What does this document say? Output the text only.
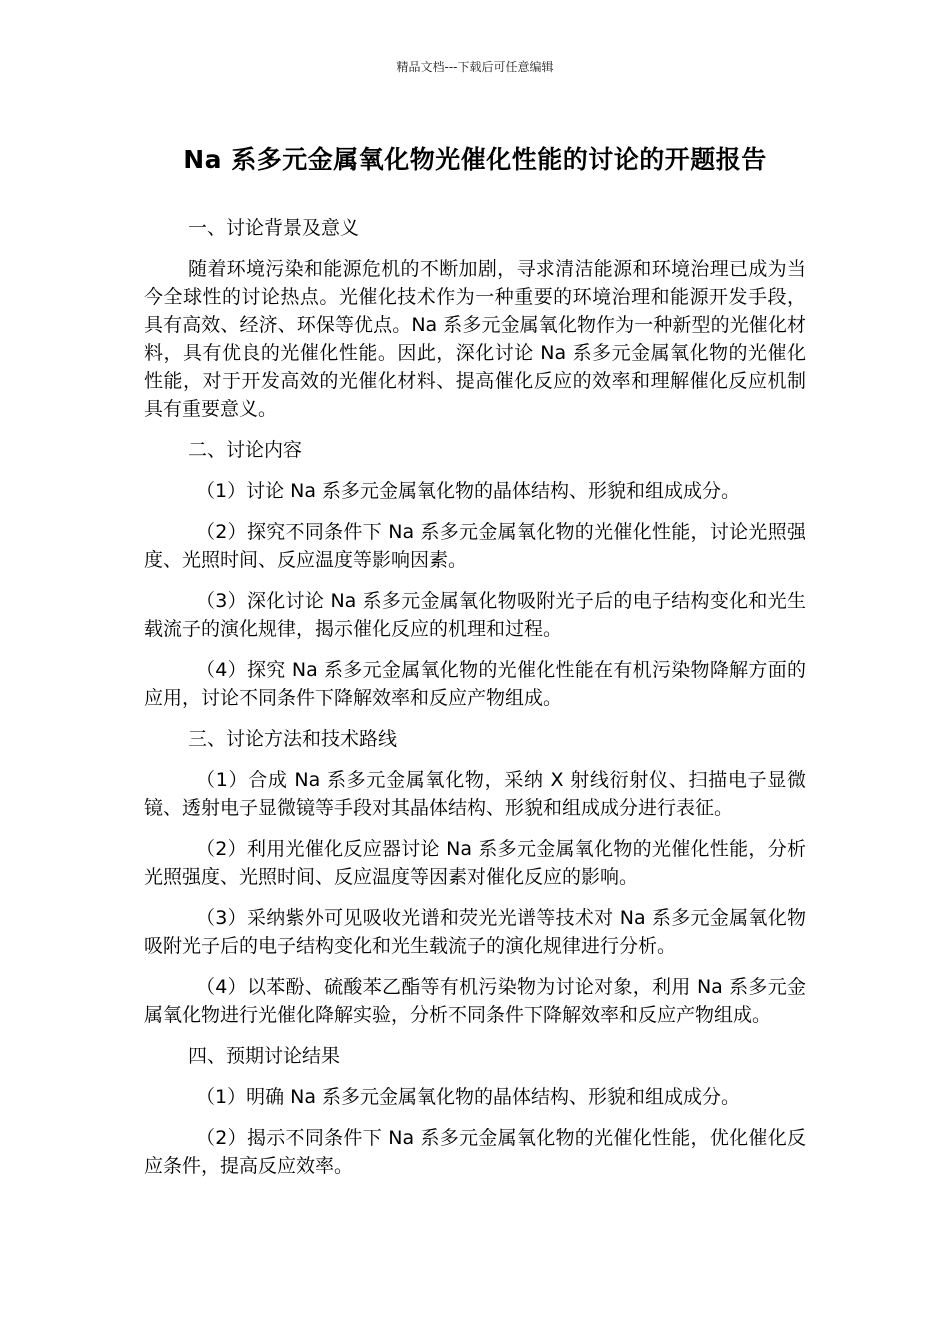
精品文档---下载后可任意编辑
Na 系多元金属氧化物光催化性能的讨论的开题报告
一、讨论背景及意义
随着环境污染和能源危机的不断加剧，寻求清洁能源和环境治理已成为当今全球性的讨论热点。光催化技术作为一种重要的环境治理和能源开发手段，具有高效、经济、环保等优点。Na 系多元金属氧化物作为一种新型的光催化材料，具有优良的光催化性能。因此，深化讨论 Na 系多元金属氧化物的光催化性能，对于开发高效的光催化材料、提高催化反应的效率和理解催化反应机制具有重要意义。
二、讨论内容
（1）讨论 Na 系多元金属氧化物的晶体结构、形貌和组成成分。
（2）探究不同条件下 Na 系多元金属氧化物的光催化性能，讨论光照强度、光照时间、反应温度等影响因素。
（3）深化讨论 Na 系多元金属氧化物吸附光子后的电子结构变化和光生载流子的演化规律，揭示催化反应的机理和过程。
（4）探究 Na 系多元金属氧化物的光催化性能在有机污染物降解方面的应用，讨论不同条件下降解效率和反应产物组成。
三、讨论方法和技术路线
（1）合成 Na 系多元金属氧化物，采纳 X 射线衍射仪、扫描电子显微镜、透射电子显微镜等手段对其晶体结构、形貌和组成成分进行表征。
（2）利用光催化反应器讨论 Na 系多元金属氧化物的光催化性能，分析光照强度、光照时间、反应温度等因素对催化反应的影响。
（3）采纳紫外可见吸收光谱和荧光光谱等技术对 Na 系多元金属氧化物吸附光子后的电子结构变化和光生载流子的演化规律进行分析。
（4）以苯酚、硫酸苯乙酯等有机污染物为讨论对象，利用 Na 系多元金属氧化物进行光催化降解实验，分析不同条件下降解效率和反应产物组成。
四、预期讨论结果
（1）明确 Na 系多元金属氧化物的晶体结构、形貌和组成成分。
（2）揭示不同条件下 Na 系多元金属氧化物的光催化性能，优化催化反应条件，提高反应效率。
